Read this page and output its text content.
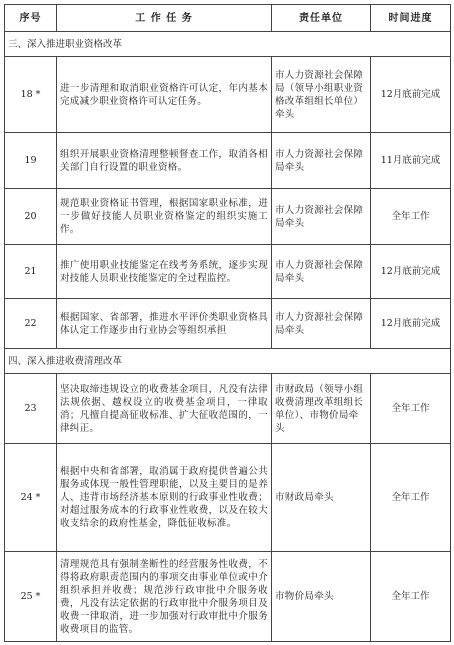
序号	工 作 任 务	责任单位	时间进度
三、深入推进职业资格改革			
18 *	进一步清理和取消职业资格许可认定，年内基本完成减少职业资格许可认定任务。	市人力资源社会保障局（领导小组职业资格改革组组长单位）牵头	12月底前完成
19	组织开展职业资格清理整顿督查工作，取消各相关部门自行设置的职业资格。	市人力资源社会保障局牵头	11月底前完成
20	规范职业资格证书管理，根据国家职业标准，进一步做好技能人员职业资格鉴定的组织实施工作。	市人力资源社会保障局牵头	全年工作
21	推广使用职业技能鉴定在线考务系统，逐步实现对技能人员职业技能鉴定的全过程监控。	市人力资源社会保障局牵头	12月底前完成
22	根据国家、省部署，推进水平评价类职业资格具体认定工作逐步由行业协会等组织承担	市人力资源社会保障局牵头	12月底前完成
四、深入推进收费清理改革			
23	坚决取缔违规设立的收费基金项目，凡没有法律法规依据、越权设立的收费基金项目，一律取消；凡擅自提高征收标准、扩大征收范围的，一律纠正。	市财政局（领导小组收费清理改革组组长单位）、市物价局牵头	全年工作
24 *	根据中央和省部署，取消属于政府提供普遍公共服务或体现一般性管理职能，以及主要目的是养人、违背市场经济基本原则的行政事业性收费；对超过服务成本的行政事业性收费，以及在较大收支结余的政府性基金，降低征收标准。	市财政局牵头	全年工作
25 *	清理规范具有强制垄断性的经营服务性收费，不得将政府职责范围内的事项交由事业单位或中介组织承担并收费；规范涉行政审批中介服务收费，凡没有法定依据的行政审批中介服务项目及收费一律取消，进一步加强对行政审批中介服务收费项目的监管。	市物价局牵头	全年工作
